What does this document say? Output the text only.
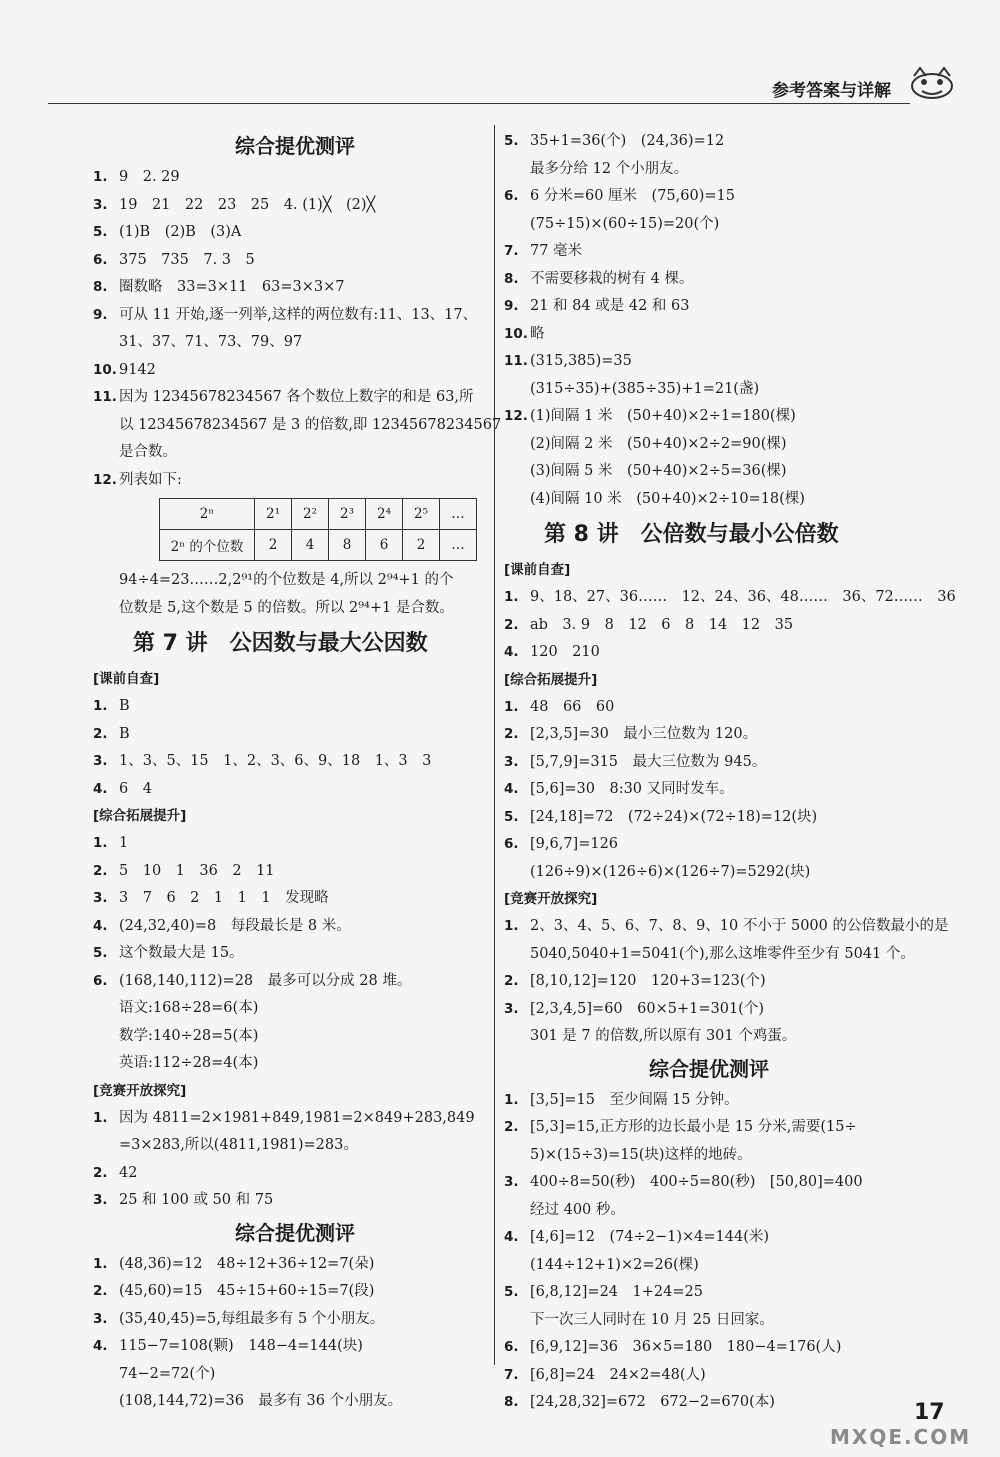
参考答案与详解
综合提优测评
1. 9　2. 29
3. 19　21　22　23　25　4. (1)╳　(2)╳
5. (1)B　(2)B　(3)A
6. 375　735　7. 3　5
8. 圈数略　33=3×11　63=3×3×7
9. 可从 11 开始,逐一列举,这样的两位数有:11、13、17、
31、37、71、73、79、97
10. 9142
11. 因为 12345678234567 各个数位上数字的和是 63,所
以 12345678234567 是 3 的倍数,即 12345678234567
是合数。
12. 列表如下:
2ⁿ	2¹	2²	2³	2⁴	2⁵	…
2ⁿ 的个位数	2	4	8	6	2	…
94÷4=23……2,2⁹¹的个位数是 4,所以 2⁹⁴+1 的个
位数是 5,这个数是 5 的倍数。所以 2⁹⁴+1 是合数。
第 7 讲 公因数与最大公因数
[课前自查]
1. B
2. B
3. 1、3、5、15　1、2、3、6、9、18　1、3　3
4. 6　4
[综合拓展提升]
1. 1
2. 5　10　1　36　2　11
3. 3　7　6　2　1　1　1　发现略
4. (24,32,40)=8　每段最长是 8 米。
5. 这个数最大是 15。
6. (168,140,112)=28　最多可以分成 28 堆。
语文:168÷28=6(本)
数学:140÷28=5(本)
英语:112÷28=4(本)
[竞赛开放探究]
1. 因为 4811=2×1981+849,1981=2×849+283,849
=3×283,所以(4811,1981)=283。
2. 42
3. 25 和 100 或 50 和 75
综合提优测评
1. (48,36)=12　48÷12+36÷12=7(朵)
2. (45,60)=15　45÷15+60÷15=7(段)
3. (35,40,45)=5,每组最多有 5 个小朋友。
4. 115−7=108(颗)　148−4=144(块)
74−2=72(个)
(108,144,72)=36　最多有 36 个小朋友。
5. 35+1=36(个)　(24,36)=12
最多分给 12 个小朋友。
6. 6 分米=60 厘米　(75,60)=15
(75÷15)×(60÷15)=20(个)
7. 77 毫米
8. 不需要移栽的树有 4 棵。
9. 21 和 84 或是 42 和 63
10. 略
11. (315,385)=35
(315÷35)+(385÷35)+1=21(盏)
12. (1)间隔 1 米　(50+40)×2÷1=180(棵)
(2)间隔 2 米　(50+40)×2÷2=90(棵)
(3)间隔 5 米　(50+40)×2÷5=36(棵)
(4)间隔 10 米　(50+40)×2÷10=18(棵)
第 8 讲 公倍数与最小公倍数
[课前自查]
1. 9、18、27、36……　12、24、36、48……　36、72……　36
2. ab　3. 9　8　12　6　8　14　12　35
4. 120　210
[综合拓展提升]
1. 48　66　60
2. [2,3,5]=30　最小三位数为 120。
3. [5,7,9]=315　最大三位数为 945。
4. [5,6]=30　8:30 又同时发车。
5. [24,18]=72　(72÷24)×(72÷18)=12(块)
6. [9,6,7]=126
(126÷9)×(126÷6)×(126÷7)=5292(块)
[竞赛开放探究]
1. 2、3、4、5、6、7、8、9、10 不小于 5000 的公倍数最小的是
5040,5040+1=5041(个),那么这堆零件至少有 5041 个。
2. [8,10,12]=120　120+3=123(个)
3. [2,3,4,5]=60　60×5+1=301(个)
301 是 7 的倍数,所以原有 301 个鸡蛋。
综合提优测评
1. [3,5]=15　至少间隔 15 分钟。
2. [5,3]=15,正方形的边长最小是 15 分米,需要(15÷
5)×(15÷3)=15(块)这样的地砖。
3. 400÷8=50(秒)　400÷5=80(秒)　[50,80]=400
经过 400 秒。
4. [4,6]=12　(74÷2−1)×4=144(米)
(144÷12+1)×2=26(棵)
5. [6,8,12]=24　1+24=25
下一次三人同时在 10 月 25 日回家。
6. [6,9,12]=36　36×5=180　180−4=176(人)
7. [6,8]=24　24×2=48(人)
8. [24,28,32]=672　672−2=670(本)	17
MXQE.COM
